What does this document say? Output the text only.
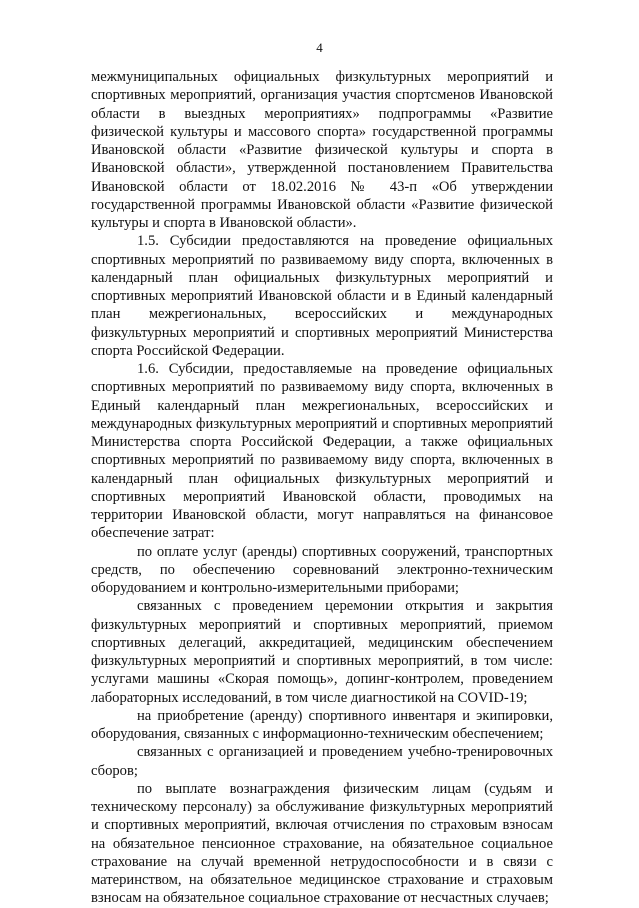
4

межмуниципальных официальных физкультурных мероприятий и спортивных мероприятий, организация участия спортсменов Ивановской области в выездных мероприятиях» подпрограммы «Развитие физической культуры и массового спорта» государственной программы Ивановской области «Развитие физической культуры и спорта в Ивановской области», утвержденной постановлением Правительства Ивановской области от 18.02.2016 № 43-п «Об утверждении государственной программы Ивановской области «Развитие физической культуры и спорта в Ивановской области».

1.5. Субсидии предоставляются на проведение официальных спортивных мероприятий по развиваемому виду спорта, включенных в календарный план официальных физкультурных мероприятий и спортивных мероприятий Ивановской области и в Единый календарный план межрегиональных, всероссийских и международных физкультурных мероприятий и спортивных мероприятий Министерства спорта Российской Федерации.

1.6. Субсидии, предоставляемые на проведение официальных спортивных мероприятий по развиваемому виду спорта, включенных в Единый календарный план межрегиональных, всероссийских и международных физкультурных мероприятий и спортивных мероприятий Министерства спорта Российской Федерации, а также официальных спортивных мероприятий по развиваемому виду спорта, включенных в календарный план официальных физкультурных мероприятий и спортивных мероприятий Ивановской области, проводимых на территории Ивановской области, могут направляться на финансовое обеспечение затрат:

по оплате услуг (аренды) спортивных сооружений, транспортных средств, по обеспечению соревнований электронно-техническим оборудованием и контрольно-измерительными приборами;

связанных с проведением церемонии открытия и закрытия физкультурных мероприятий и спортивных мероприятий, приемом спортивных делегаций, аккредитацией, медицинским обеспечением физкультурных мероприятий и спортивных мероприятий, в том числе: услугами машины «Скорая помощь», допинг-контролем, проведением лабораторных исследований, в том числе диагностикой на COVID-19;

на приобретение (аренду) спортивного инвентаря и экипировки, оборудования, связанных с информационно-техническим обеспечением;

связанных с организацией и проведением учебно-тренировочных сборов;

по выплате вознаграждения физическим лицам (судьям и техническому персоналу) за обслуживание физкультурных мероприятий и спортивных мероприятий, включая отчисления по страховым взносам на обязательное пенсионное страхование, на обязательное социальное страхование на случай временной нетрудоспособности и в связи с материнством, на обязательное медицинское страхование и страховым взносам на обязательное социальное страхование от несчастных случаев;
